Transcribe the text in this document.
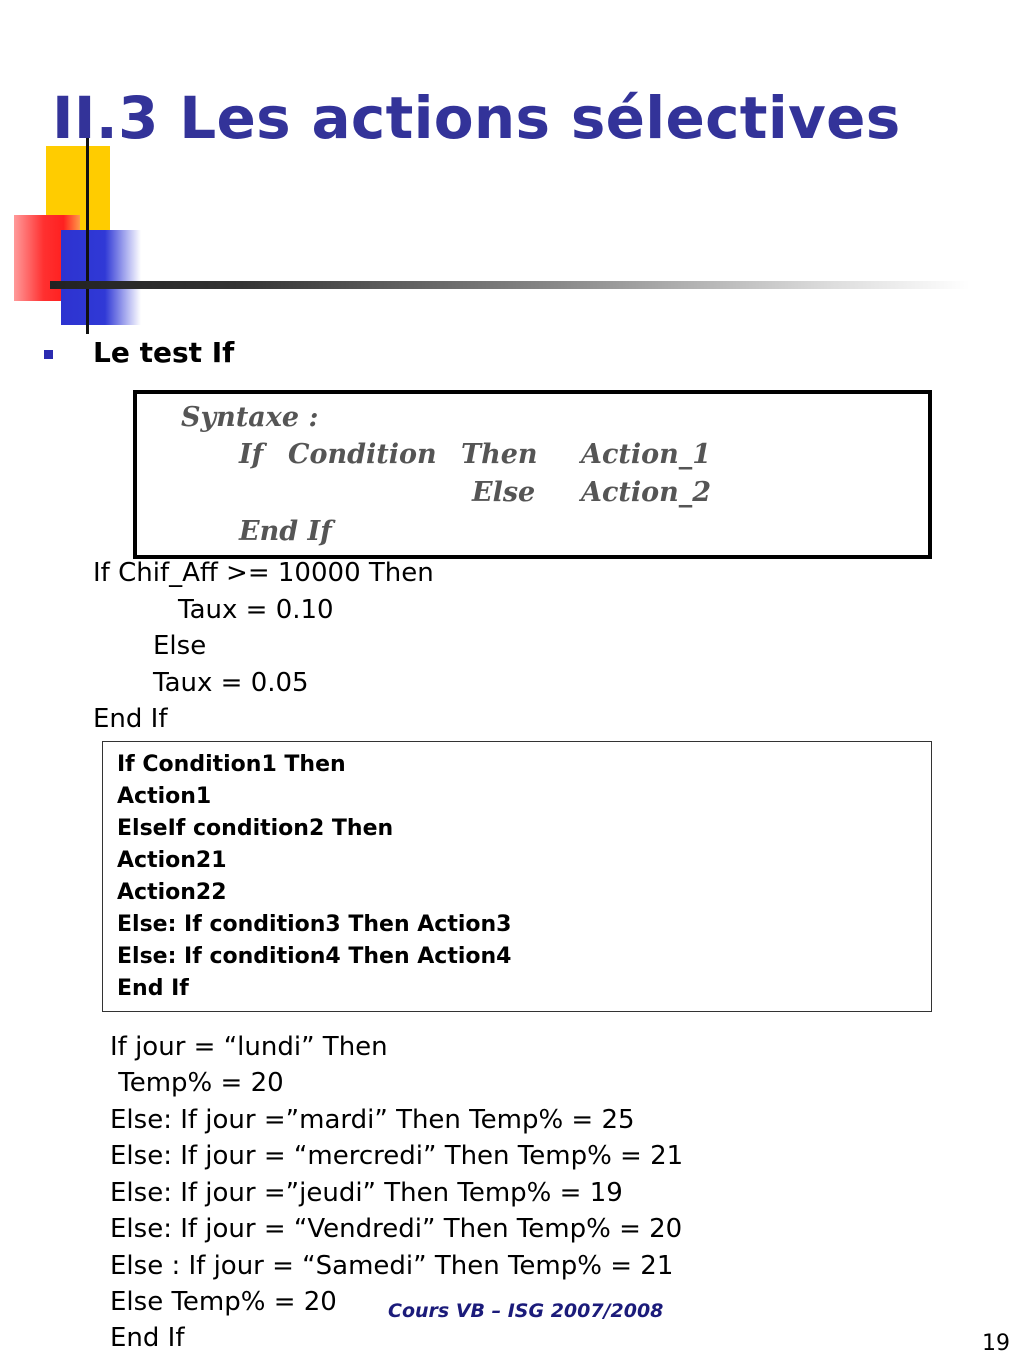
II.3 Les actions sélectives
Le test If
Syntaxe :
If Condition Then Action_1
Else Action_2
End If
If Chif_Aff >= 10000 Then
Taux = 0.10
Else
Taux = 0.05
End If
If Condition1 Then
Action1
ElseIf condition2 Then
Action21
Action22
Else: If condition3 Then Action3
Else: If condition4 Then Action4
End If
If jour = “lundi” Then
Temp% = 20
Else: If jour =”mardi” Then Temp% = 25
Else: If jour = “mercredi” Then Temp% = 21
Else: If jour =”jeudi” Then Temp% = 19
Else: If jour = “Vendredi” Then Temp% = 20
Else : If jour = “Samedi” Then Temp% = 21
Else Temp% = 20
End If
Cours VB – ISG 2007/2008
19
